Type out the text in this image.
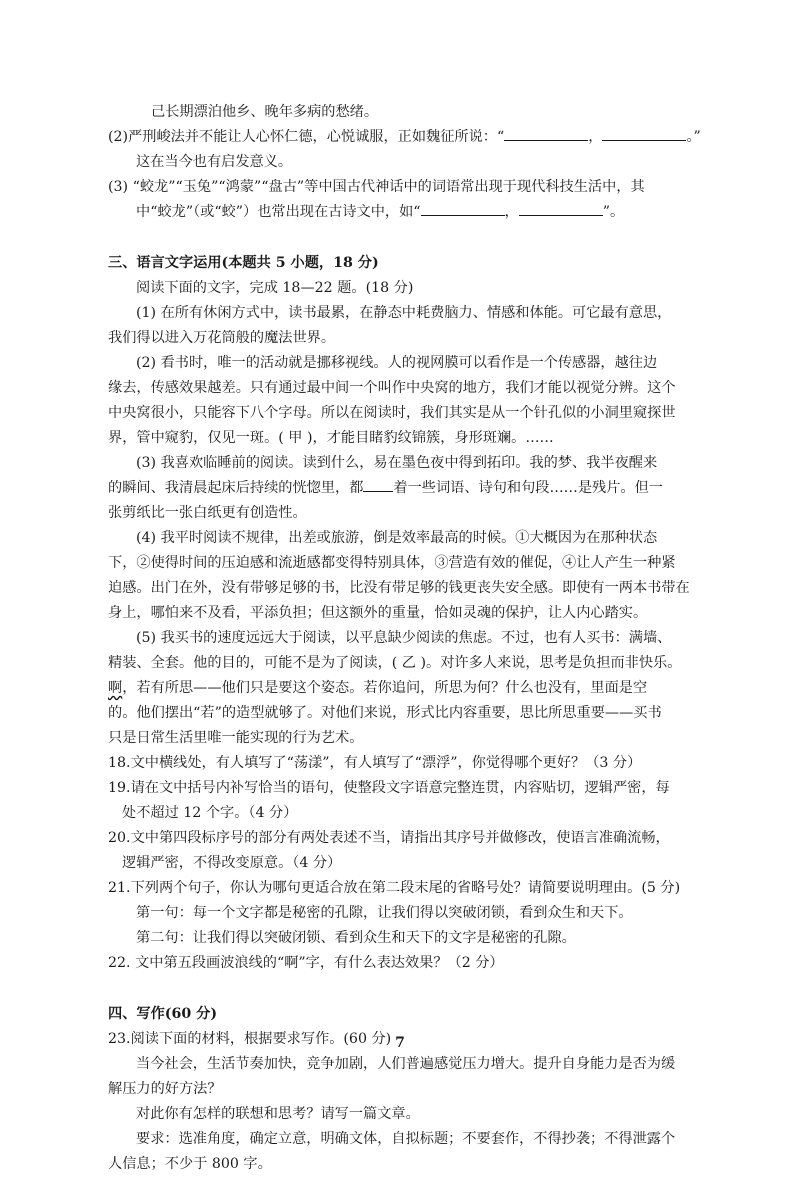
己长期漂泊他乡、晚年多病的愁绪。
(2)严刑峻法并不能让人心怀仁德，心悦诚服，正如魏征所说：“	，	。”
这在当今也有启发意义。
(3) “蛟龙”“玉兔”“鸿蒙”“盘古”等中国古代神话中的词语常出现于现代科技生活中，其
中“蛟龙”（或“蛟”）也常出现在古诗文中，如“	，	”。
三、语言文字运用(本题共 5 小题，18 分)
阅读下面的文字，完成 18—22 题。(18 分)
(1) 在所有休闲方式中，读书最累，在静态中耗费脑力、情感和体能。可它最有意思，
我们得以进入万花筒般的魔法世界。
(2) 看书时，唯一的活动就是挪移视线。人的视网膜可以看作是一个传感器，越往边
缘去，传感效果越差。只有通过最中间一个叫作中央窝的地方，我们才能以视觉分辨。这个
中央窝很小，只能容下八个字母。所以在阅读时，我们其实是从一个针孔似的小洞里窥探世
界，管中窥豹，仅见一斑。( 甲 )，才能目睹豹纹锦簇，身形斑斓。……
(3) 我喜欢临睡前的阅读。读到什么，易在墨色夜中得到拓印。我的梦、我半夜醒来
的瞬间、我清晨起床后持续的恍惚里，都 着一些词语、诗句和句段……是残片。但一
张剪纸比一张白纸更有创造性。
(4) 我平时阅读不规律，出差或旅游，倒是效率最高的时候。①大概因为在那种状态
下，②使得时间的压迫感和流逝感都变得特别具体，③营造有效的催促，④让人产生一种紧
迫感。出门在外，没有带够足够的书，比没有带足够的钱更丧失安全感。即使有一两本书带在
身上，哪怕来不及看，平添负担；但这额外的重量，恰如灵魂的保护，让人内心踏实。
(5) 我买书的速度远远大于阅读，以平息缺少阅读的焦虑。不过，也有人买书：满墙、
精装、全套。他的目的，可能不是为了阅读，( 乙 )。对许多人来说，思考是负担而非快乐。
啊，若有所思——他们只是要这个姿态。若你追问，所思为何？什么也没有，里面是空
的。他们摆出“若”的造型就够了。对他们来说，形式比内容重要，思比所思重要——买书
只是日常生活里唯一能实现的行为艺术。
18.文中横线处，有人填写了“荡漾”，有人填写了“漂浮”，你觉得哪个更好？（3 分）
19.请在文中括号内补写恰当的语句，使整段文字语意完整连贯，内容贴切，逻辑严密，每
处不超过 12 个字。（4 分）
20.文中第四段标序号的部分有两处表述不当，请指出其序号并做修改，使语言准确流畅，
逻辑严密，不得改变原意。（4 分）
21.下列两个句子，你认为哪句更适合放在第二段末尾的省略号处？请简要说明理由。(5 分)
第一句：每一个文字都是秘密的孔隙，让我们得以突破闭锁，看到众生和天下。
第二句：让我们得以突破闭锁、看到众生和天下的文字是秘密的孔隙。
22. 文中第五段画波浪线的“啊”字，有什么表达效果？（2 分）
四、写作(60 分)
23.阅读下面的材料，根据要求写作。(60 分)
当今社会，生活节奏加快，竞争加剧，人们普遍感觉压力增大。提升自身能力是否为缓
解压力的好方法？
对此你有怎样的联想和思考？请写一篇文章。
要求：选准角度，确定立意，明确文体，自拟标题；不要套作，不得抄袭；不得泄露个
人信息；不少于 800 字。
7
